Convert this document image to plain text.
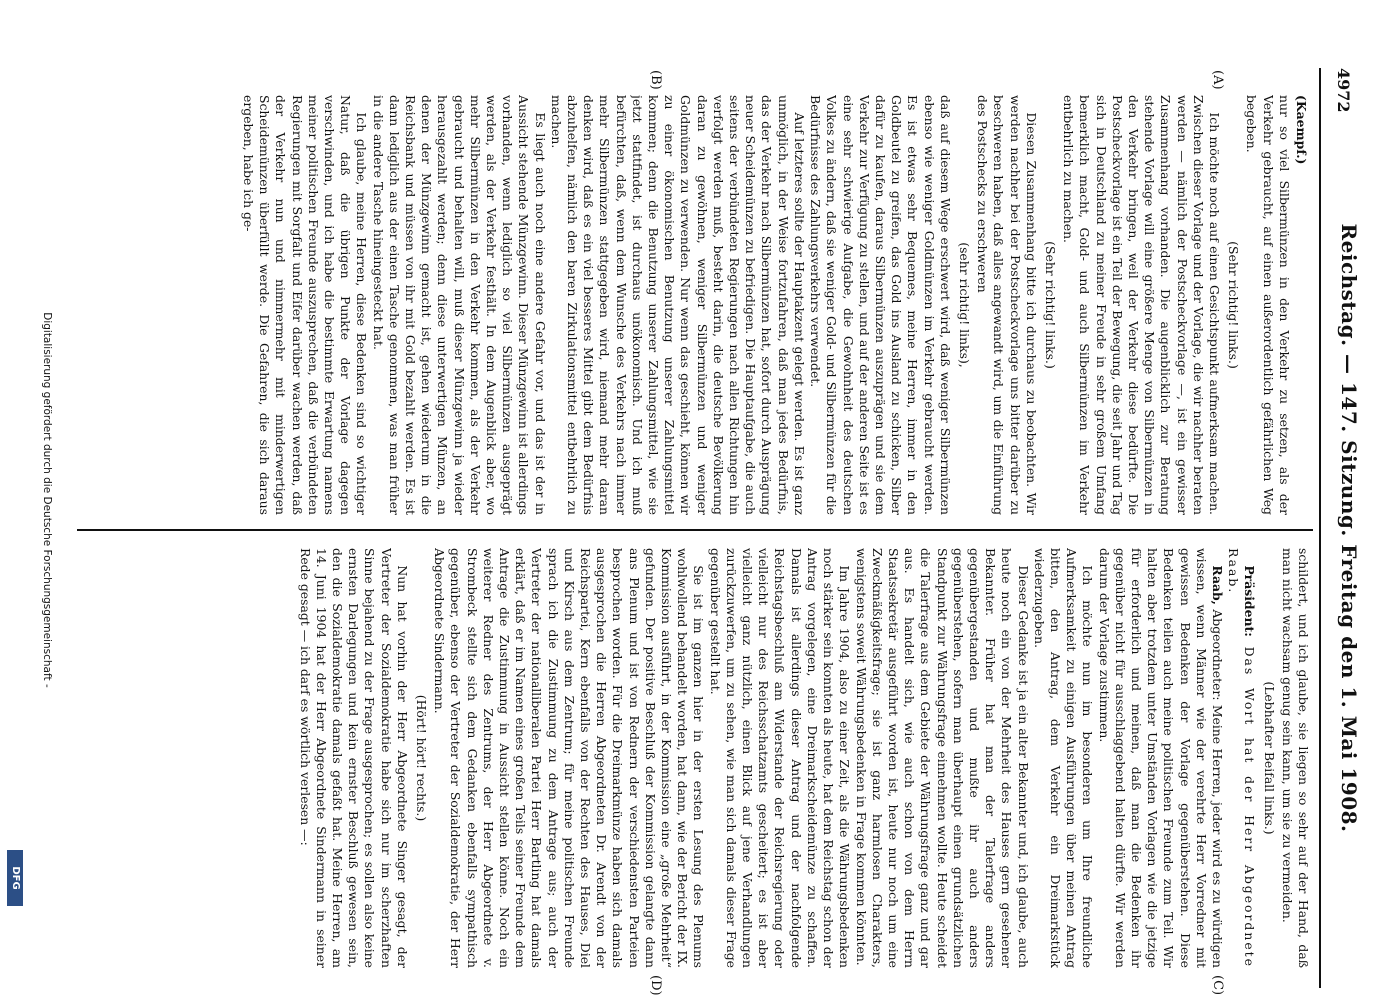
4972
Reichstag. — 147. Sitzung. Freitag den 1. Mai 1908.
(A)
(B)
(C)
(D)

(Kaempf.)

nur so viel Silbermünzen in den Verkehr zu setzen, als der Verkehr gebraucht, auf einen außerordentlich gefährlichen Weg begeben.

(Sehr richtig! links.)

Ich möchte noch auf einen Gesichtspunkt aufmerksam machen. Zwischen dieser Vorlage und der Vorlage, die wir nachher beraten werden — nämlich der Postscheckvorlage —, ist ein gewisser Zusammenhang vorhanden. Die augenblicklich zur Beratung stehende Vorlage will eine größere Menge von Silbermünzen in den Verkehr bringen, weil der Verkehr diese bedürfte. Die Postscheckvorlage ist ein Teil der Bewegung, die seit Jahr und Tag sich in Deutschland zu meiner Freude in sehr großem Umfang bemerklich macht, Gold- und auch Silbermünzen im Verkehr entbehrlich zu machen.

(Sehr richtig! links.)

Diesen Zusammenhang bitte ich durchaus zu beobachten. Wir werden nachher bei der Postscheckvorlage uns bitter darüber zu beschweren haben, daß alles angewandt wird, um die Einführung des Postschecks zu erschweren

(sehr richtig! links),

daß auf diesem Wege erschwert wird, daß weniger Silbermünzen ebenso wie weniger Goldmünzen im Verkehr gebraucht werden. Es ist etwas sehr Bequemes, meine Herren, immer in den Goldbeutel zu greifen, das Gold ins Ausland zu schicken, Silber dafür zu kaufen, daraus Silbermünzen auszuprägen und sie dem Verkehr zur Verfügung zu stellen, und auf der anderen Seite ist es eine sehr schwierige Aufgabe, die Gewohnheit des deutschen Volkes zu ändern, daß sie weniger Gold- und Silbermünzen für die Bedürfnisse des Zahlungsverkehrs verwendet.

Auf letzteres sollte der Hauptakzent gelegt werden. Es ist ganz unmöglich, in der Weise fortzufahren, daß man jedes Bedürfnis, das der Verkehr nach Silbermünzen hat, sofort durch Ausprägung neuer Scheidemünzen zu befriedigen. Die Hauptaufgabe, die auch seitens der verbündeten Regierungen nach allen Richtungen hin verfolgt werden muß, besteht darin, die deutsche Bevölkerung daran zu gewöhnen, weniger Silbermünzen und weniger Goldmünzen zu verwenden. Nur wenn das geschieht, können wir zu einer ökonomischen Benutzung unserer Zahlungsmittel kommen; denn die Benutzung unserer Zahlungsmittel, wie sie jetzt stattfindet, ist durchaus unökonomisch. Und ich muß befürchten, daß, wenn dem Wunsche des Verkehrs nach immer mehr Silbermünzen stattgegeben wird, niemand mehr daran denken wird, daß es ein viel besseres Mittel gibt dem Bedürfnis abzuhelfen, nämlich den baren Zirkulationsmittel entbehrlich zu machen.

Es liegt auch noch eine andere Gefahr vor, und das ist der in Aussicht stehende Münzgewinn. Dieser Münzgewinn ist allerdings vorhanden, wenn lediglich so viel Silbermünzen ausgeprägt werden, als der Verkehr festhält. In dem Augenblick aber, wo mehr Silbermünzen in den Verkehr kommen, als der Verkehr gebraucht und behalten will, muß dieser Münzgewinn ja wieder herausgezahlt werden; denn diese unterwertigen Münzen, an denen der Münzgewinn gemacht ist, gehen wiederum in die Reichsbank und müssen von ihr mit Gold bezahlt werden. Es ist dann lediglich aus der einen Tasche genommen, was man früher in die andere Tasche hineingesteckt hat.

Ich glaube, meine Herren, diese Bedenken sind so wichtiger Natur, daß die übrigen Punkte der Vorlage dagegen verschwinden, und ich habe die bestimmte Erwartung namens meiner politischen Freunde auszusprechen, daß die verbündeten Regierungen mit Sorgfalt und Eifer darüber wachen werden, daß der Verkehr nun und nimmermehr mit minderwertigen Scheidemünzen überfüllt werde. Die Gefahren, die sich daraus ergeben, habe ich ge-

schildert, und ich glaube, sie liegen so sehr auf der Hand, daß man nicht wachsam genug sein kann, um sie zu vermeiden.

(Lebhafter Beifall links.)

Präsident: Das Wort hat der Herr Abgeordnete Raab.

Raab, Abgeordneter: Meine Herren, jeder wird es zu würdigen wissen, wenn Männer wie der verehrte Herr Vorredner mit gewissen Bedenken der Vorlage gegenüberstehen. Diese Bedenken teilen auch meine politischen Freunde zum Teil. Wir halten aber trotzdem unter Umständen Vorlagen wie die jetzige für erforderlich und meinen, daß man die Bedenken ihr gegenüber nicht für ausschlaggebend halten dürfte. Wir werden darum der Vorlage zustimmen.

Ich möchte nun im besonderen um Ihre freundliche Aufmerksamkeit zu einigen Ausführungen über meinen Antrag bitten, den Antrag, dem Verkehr ein Dreimarkstück wiederzugeben.

Dieser Gedanke ist ja ein alter Bekannter und, ich glaube, auch heute noch ein von der Mehrheit des Hauses gern gesehener Bekannter. Früher hat man der Talerfrage anders gegenübergestanden und mußte ihr auch anders gegenüberstehen, sofern man überhaupt einen grundsätzlichen Standpunkt zur Währungsfrage einnehmen wollte. Heute scheidet die Talerfrage aus dem Gebiete der Währungsfrage ganz und gar aus. Es handelt sich, wie auch schon von dem Herrn Staatssekretär ausgeführt worden ist, heute nur noch um eine Zweckmäßigkeitsfrage; sie ist ganz harmlosen Charakters, wenigstens soweit Währungsbedenken in Frage kommen könnten.

Im Jahre 1904, also zu einer Zeit, als die Währungsbedenken noch stärker sein konnten als heute, hat dem Reichstag schon der Antrag vorgelegen, eine Dreimarkscheidemünze zu schaffen. Damals ist allerdings dieser Antrag und der nachfolgende Reichstagsbeschluß am Widerstande der Reichsregierung oder vielleicht nur des Reichsschatzamts gescheitert; es ist aber vielleicht ganz nützlich, einen Blick auf jene Verhandlungen zurückzuwerfen, um zu sehen, wie man sich damals dieser Frage gegenüber gestellt hat.

Sie ist im ganzen hier in der ersten Lesung des Plenums wohlwollend behandelt worden, hat dann, wie der Bericht der IX. Kommission ausführt, in der Kommission eine „große Mehrheit“ gefunden. Der positive Beschluß der Kommission gelangte dann ans Plenum und ist von Rednern der verschiedensten Parteien besprochen worden. Für die Dreimarkmünze haben sich damals ausgesprochen die Herren Abgeordneten Dr. Arendt von der Reichspartei, Kern ebenfalls von der Rechten des Hauses, Diel und Kirsch aus dem Zentrum; für meine politischen Freunde sprach ich die Zustimmung zu dem Antrage aus; auch der Vertreter der nationalliberalen Partei Herr Bartling hat damals erklärt, daß er im Namen eines großen Teils seiner Freunde dem Antrage die Zustimmung in Aussicht stellen könne. Noch ein weiterer Redner des Zentrums, der Herr Abgeordnete v. Strombeck stellte sich dem Gedanken ebenfalls sympathisch gegenüber, ebenso der Vertreter der Sozialdemokratie, der Herr Abgeordnete Sindermann.

(Hört! hört! rechts.)

Nun hat vorhin der Herr Abgeordnete Singer gesagt, der Vertreter der Sozialdemokratie habe sich nur im scherzhaften Sinne bejahend zu der Frage ausgesprochen; es sollen also keine ernsten Darlegungen und kein ernster Beschluß gewesen sein, den die Sozialdemokratie damals gefaßt hat. Meine Herren, am 14. Juni 1904 hat der Herr Abgeordnete Sindermann in seiner Rede gesagt — ich darf es wörtlich verlesen —:

Digitalisierung gefördert durch die Deutsche Forschungsgemeinschaft -
DFG
